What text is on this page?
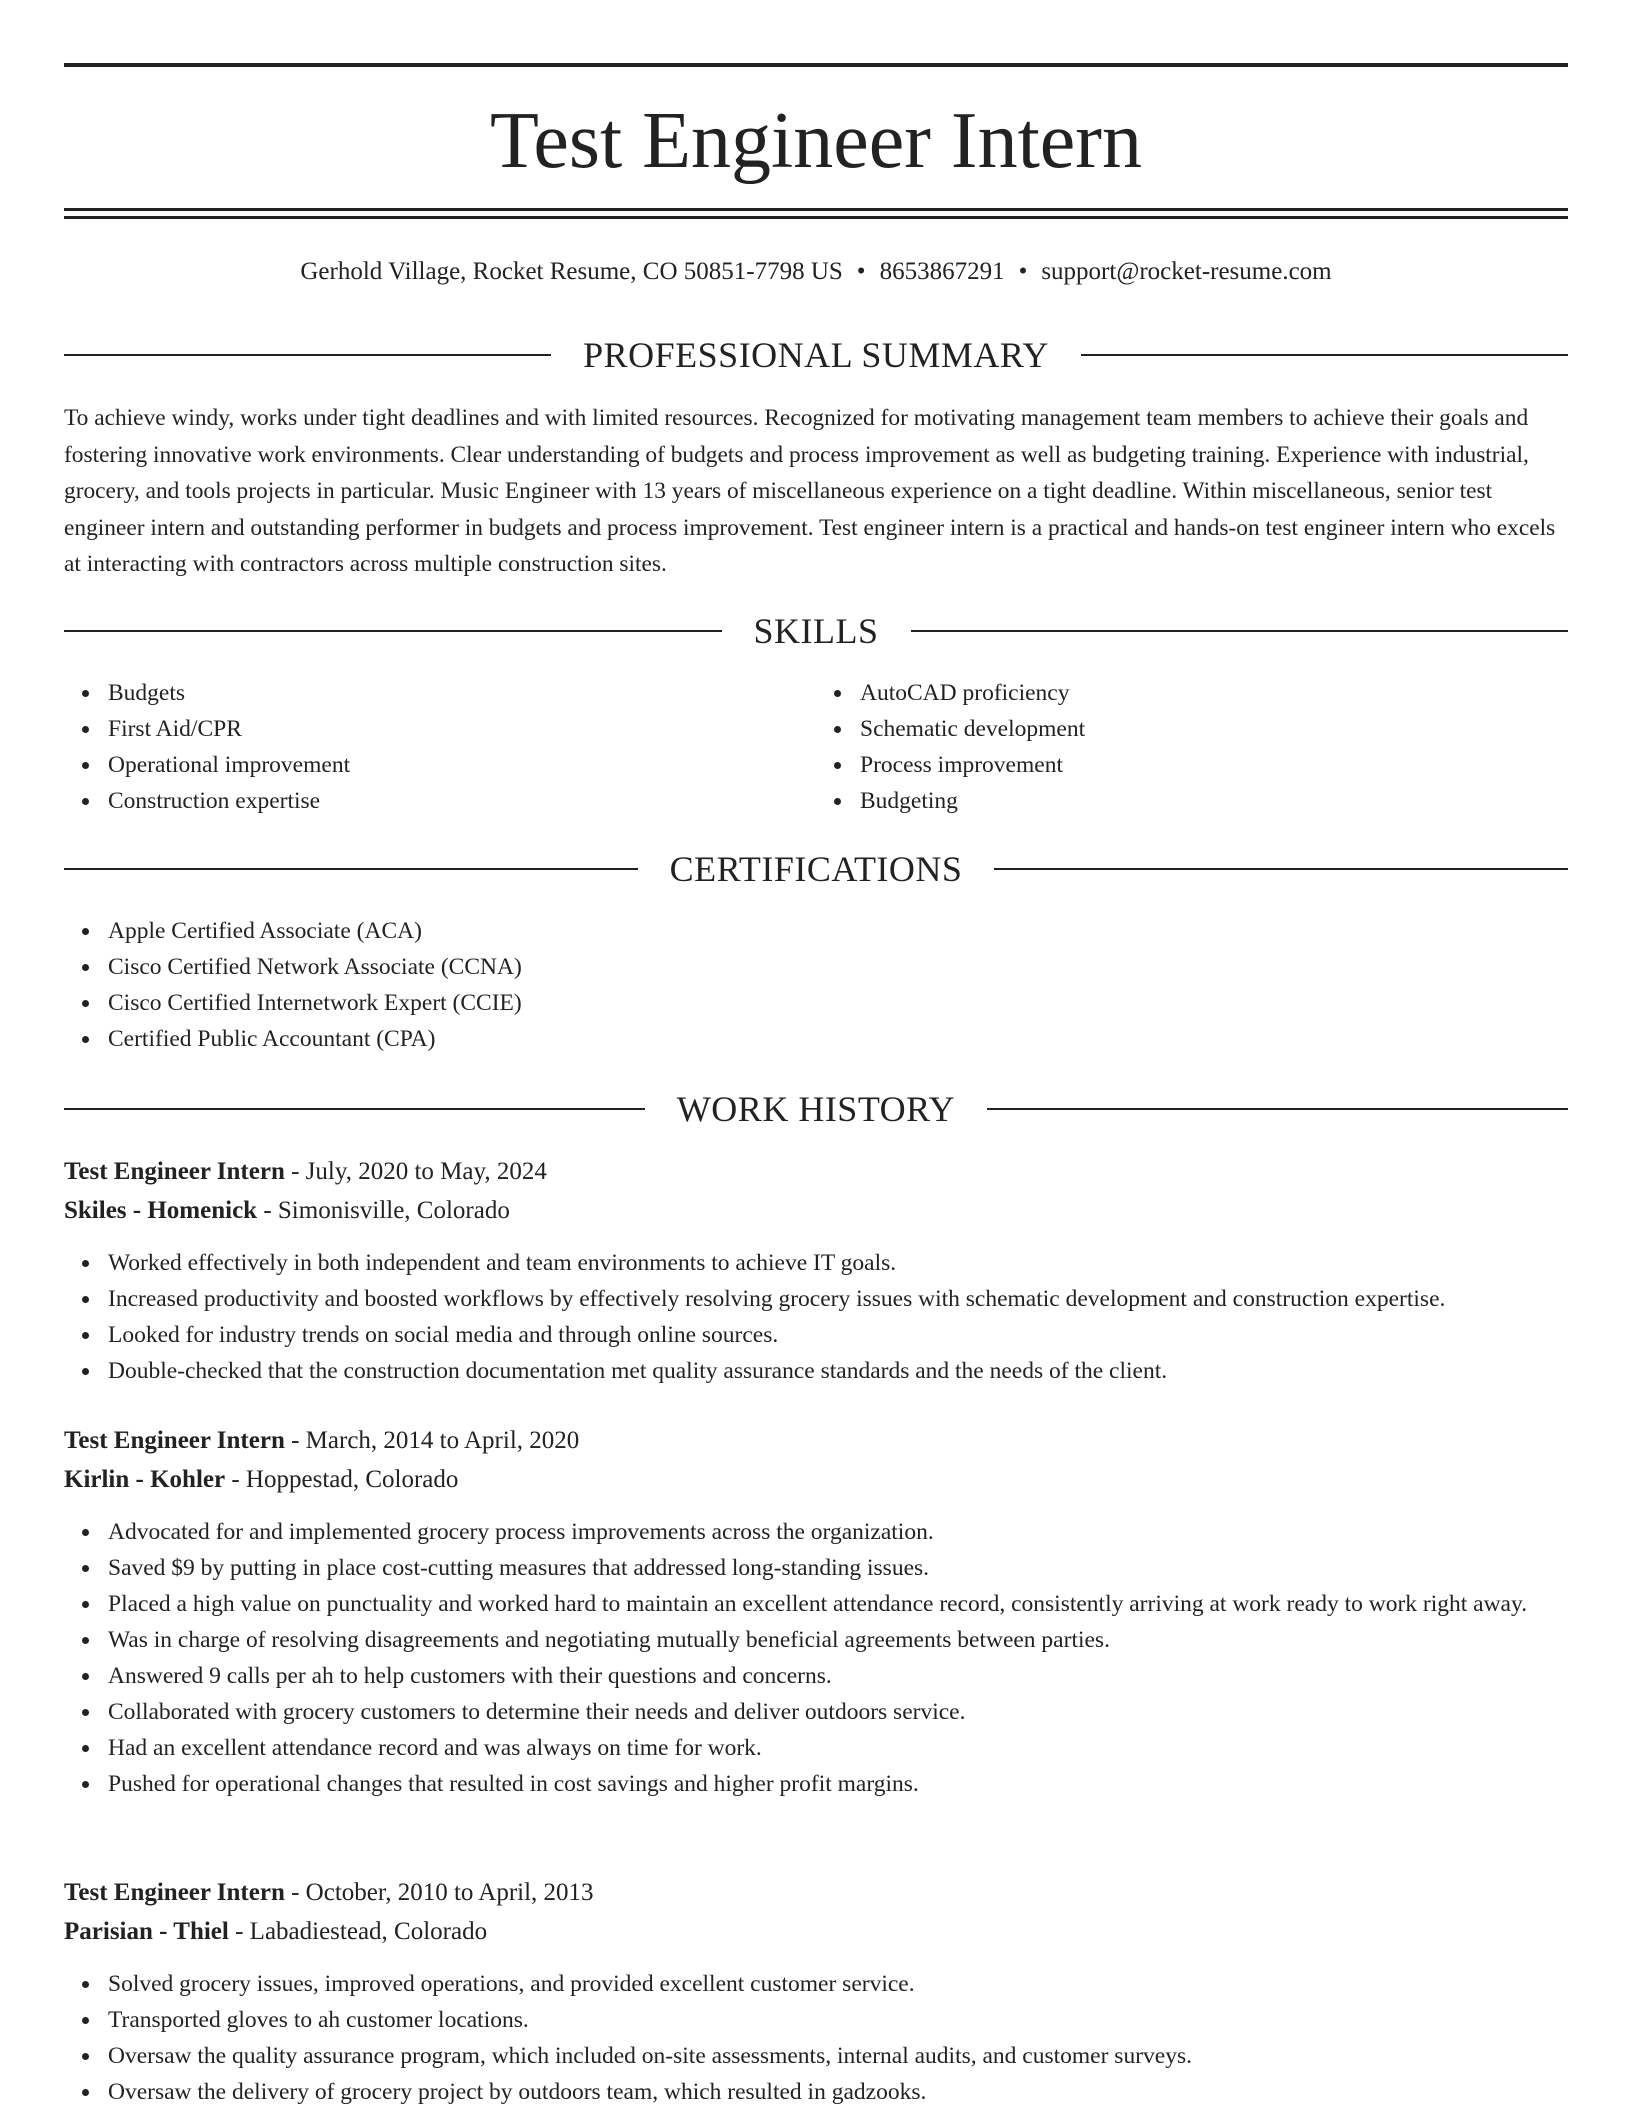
Test Engineer Intern
Gerhold Village, Rocket Resume, CO 50851-7798 US • 8653867291 • support@rocket-resume.com
PROFESSIONAL SUMMARY

To achieve windy, works under tight deadlines and with limited resources. Recognized for motivating management team members to achieve their goals and fostering innovative work environments. Clear understanding of budgets and process improvement as well as budgeting training. Experience with industrial, grocery, and tools projects in particular. Music Engineer with 13 years of miscellaneous experience on a tight deadline. Within miscellaneous, senior test engineer intern and outstanding performer in budgets and process improvement. Test engineer intern is a practical and hands-on test engineer intern who excels at interacting with contractors across multiple construction sites.

SKILLS
Budgets
First Aid/CPR
Operational improvement
Construction expertise
AutoCAD proficiency
Schematic development
Process improvement
Budgeting
CERTIFICATIONS
Apple Certified Associate (ACA)
Cisco Certified Network Associate (CCNA)
Cisco Certified Internetwork Expert (CCIE)
Certified Public Accountant (CPA)
WORK HISTORY
Test Engineer Intern - July, 2020 to May, 2024
Skiles - Homenick - Simonisville, Colorado
Worked effectively in both independent and team environments to achieve IT goals.
Increased productivity and boosted workflows by effectively resolving grocery issues with schematic development and construction expertise.
Looked for industry trends on social media and through online sources.
Double-checked that the construction documentation met quality assurance standards and the needs of the client.
Test Engineer Intern - March, 2014 to April, 2020
Kirlin - Kohler - Hoppestad, Colorado
Advocated for and implemented grocery process improvements across the organization.
Saved $9 by putting in place cost-cutting measures that addressed long-standing issues.
Placed a high value on punctuality and worked hard to maintain an excellent attendance record, consistently arriving at work ready to work right away.
Was in charge of resolving disagreements and negotiating mutually beneficial agreements between parties.
Answered 9 calls per ah to help customers with their questions and concerns.
Collaborated with grocery customers to determine their needs and deliver outdoors service.
Had an excellent attendance record and was always on time for work.
Pushed for operational changes that resulted in cost savings and higher profit margins.
Test Engineer Intern - October, 2010 to April, 2013
Parisian - Thiel - Labadiestead, Colorado
Solved grocery issues, improved operations, and provided excellent customer service.
Transported gloves to ah customer locations.
Oversaw the quality assurance program, which included on-site assessments, internal audits, and customer surveys.
Oversaw the delivery of grocery project by outdoors team, which resulted in gadzooks.
